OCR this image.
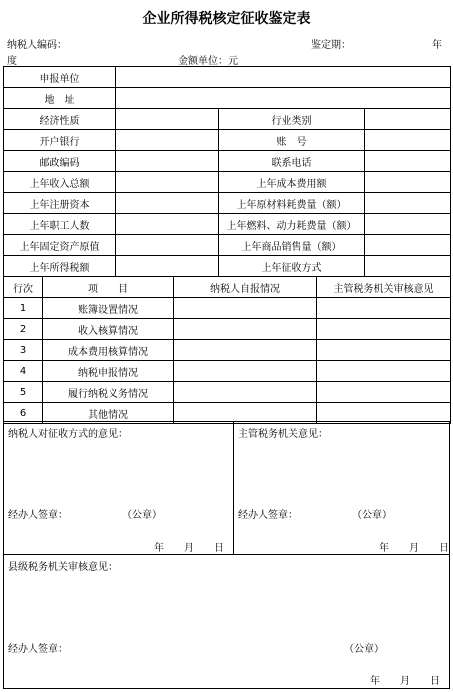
企业所得税核定征收鉴定表
纳税人编码：	鉴定期：	年
度	金额单位：元
申报单位						
地　址						
经济性质				行业类别		
开户银行				账　号		
邮政编码				联系电话		
上年收入总额				上年成本费用额		
上年注册资本				上年原材料耗费量（额）		
上年职工人数				上年燃料、动力耗费量（额）		
上年固定资产原值				上年商品销售量（额）		
上年所得税额				上年征收方式		
行次	项　　目		纳税人自报情况		主管税务机关审核意见	
1	账簿设置情况					
2	收入核算情况					
3	成本费用核算情况					
4	纳税申报情况					
5	履行纳税义务情况					
6	其他情况					
纳税人对征收方式的意见：
经办人签章：	（公章）
年　　月　　日
主管税务机关意见：
经办人签章：	（公章）
年　　月　　日
县级税务机关审核意见：
经办人签章：	（公章）
年　　月　　日
